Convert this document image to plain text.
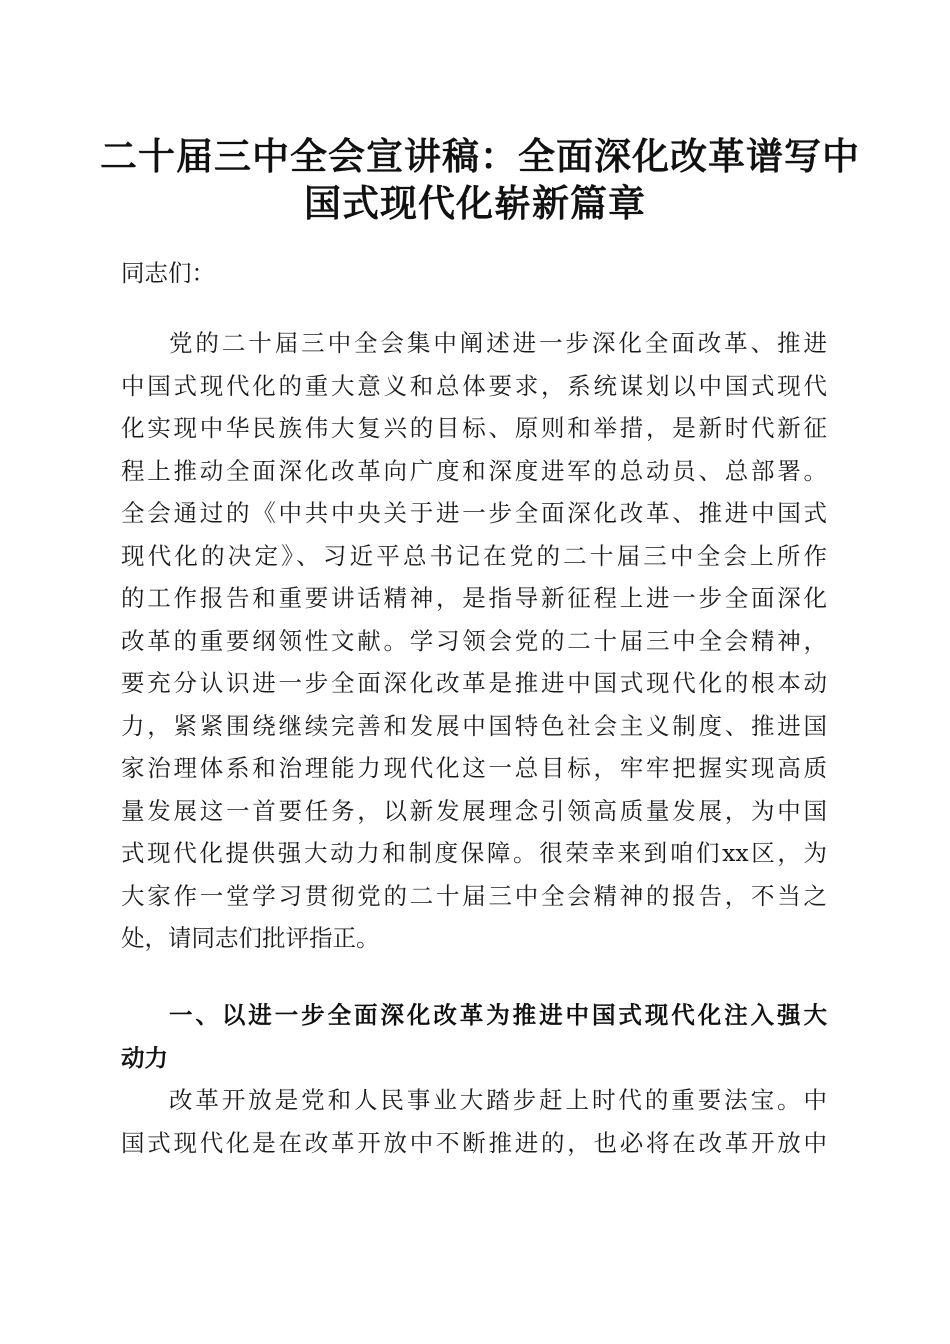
二十届三中全会宣讲稿：全面深化改革谱写中
国式现代化崭新篇章
同志们：
党的二十届三中全会集中阐述进一步深化全面改革、推进
中国式现代化的重大意义和总体要求，系统谋划以中国式现代
化实现中华民族伟大复兴的目标、原则和举措，是新时代新征
程上推动全面深化改革向广度和深度进军的总动员、总部署。
全会通过的《中共中央关于进一步全面深化改革、推进中国式
现代化的决定》、习近平总书记在党的二十届三中全会上所作
的工作报告和重要讲话精神，是指导新征程上进一步全面深化
改革的重要纲领性文献。学习领会党的二十届三中全会精神，
要充分认识进一步全面深化改革是推进中国式现代化的根本动
力，紧紧围绕继续完善和发展中国特色社会主义制度、推进国
家治理体系和治理能力现代化这一总目标，牢牢把握实现高质
量发展这一首要任务，以新发展理念引领高质量发展，为中国
式现代化提供强大动力和制度保障。很荣幸来到咱们xx区，为
大家作一堂学习贯彻党的二十届三中全会精神的报告，不当之
处，请同志们批评指正。
一、以进一步全面深化改革为推进中国式现代化注入强大
动力
改革开放是党和人民事业大踏步赶上时代的重要法宝。中
国式现代化是在改革开放中不断推进的，也必将在改革开放中
